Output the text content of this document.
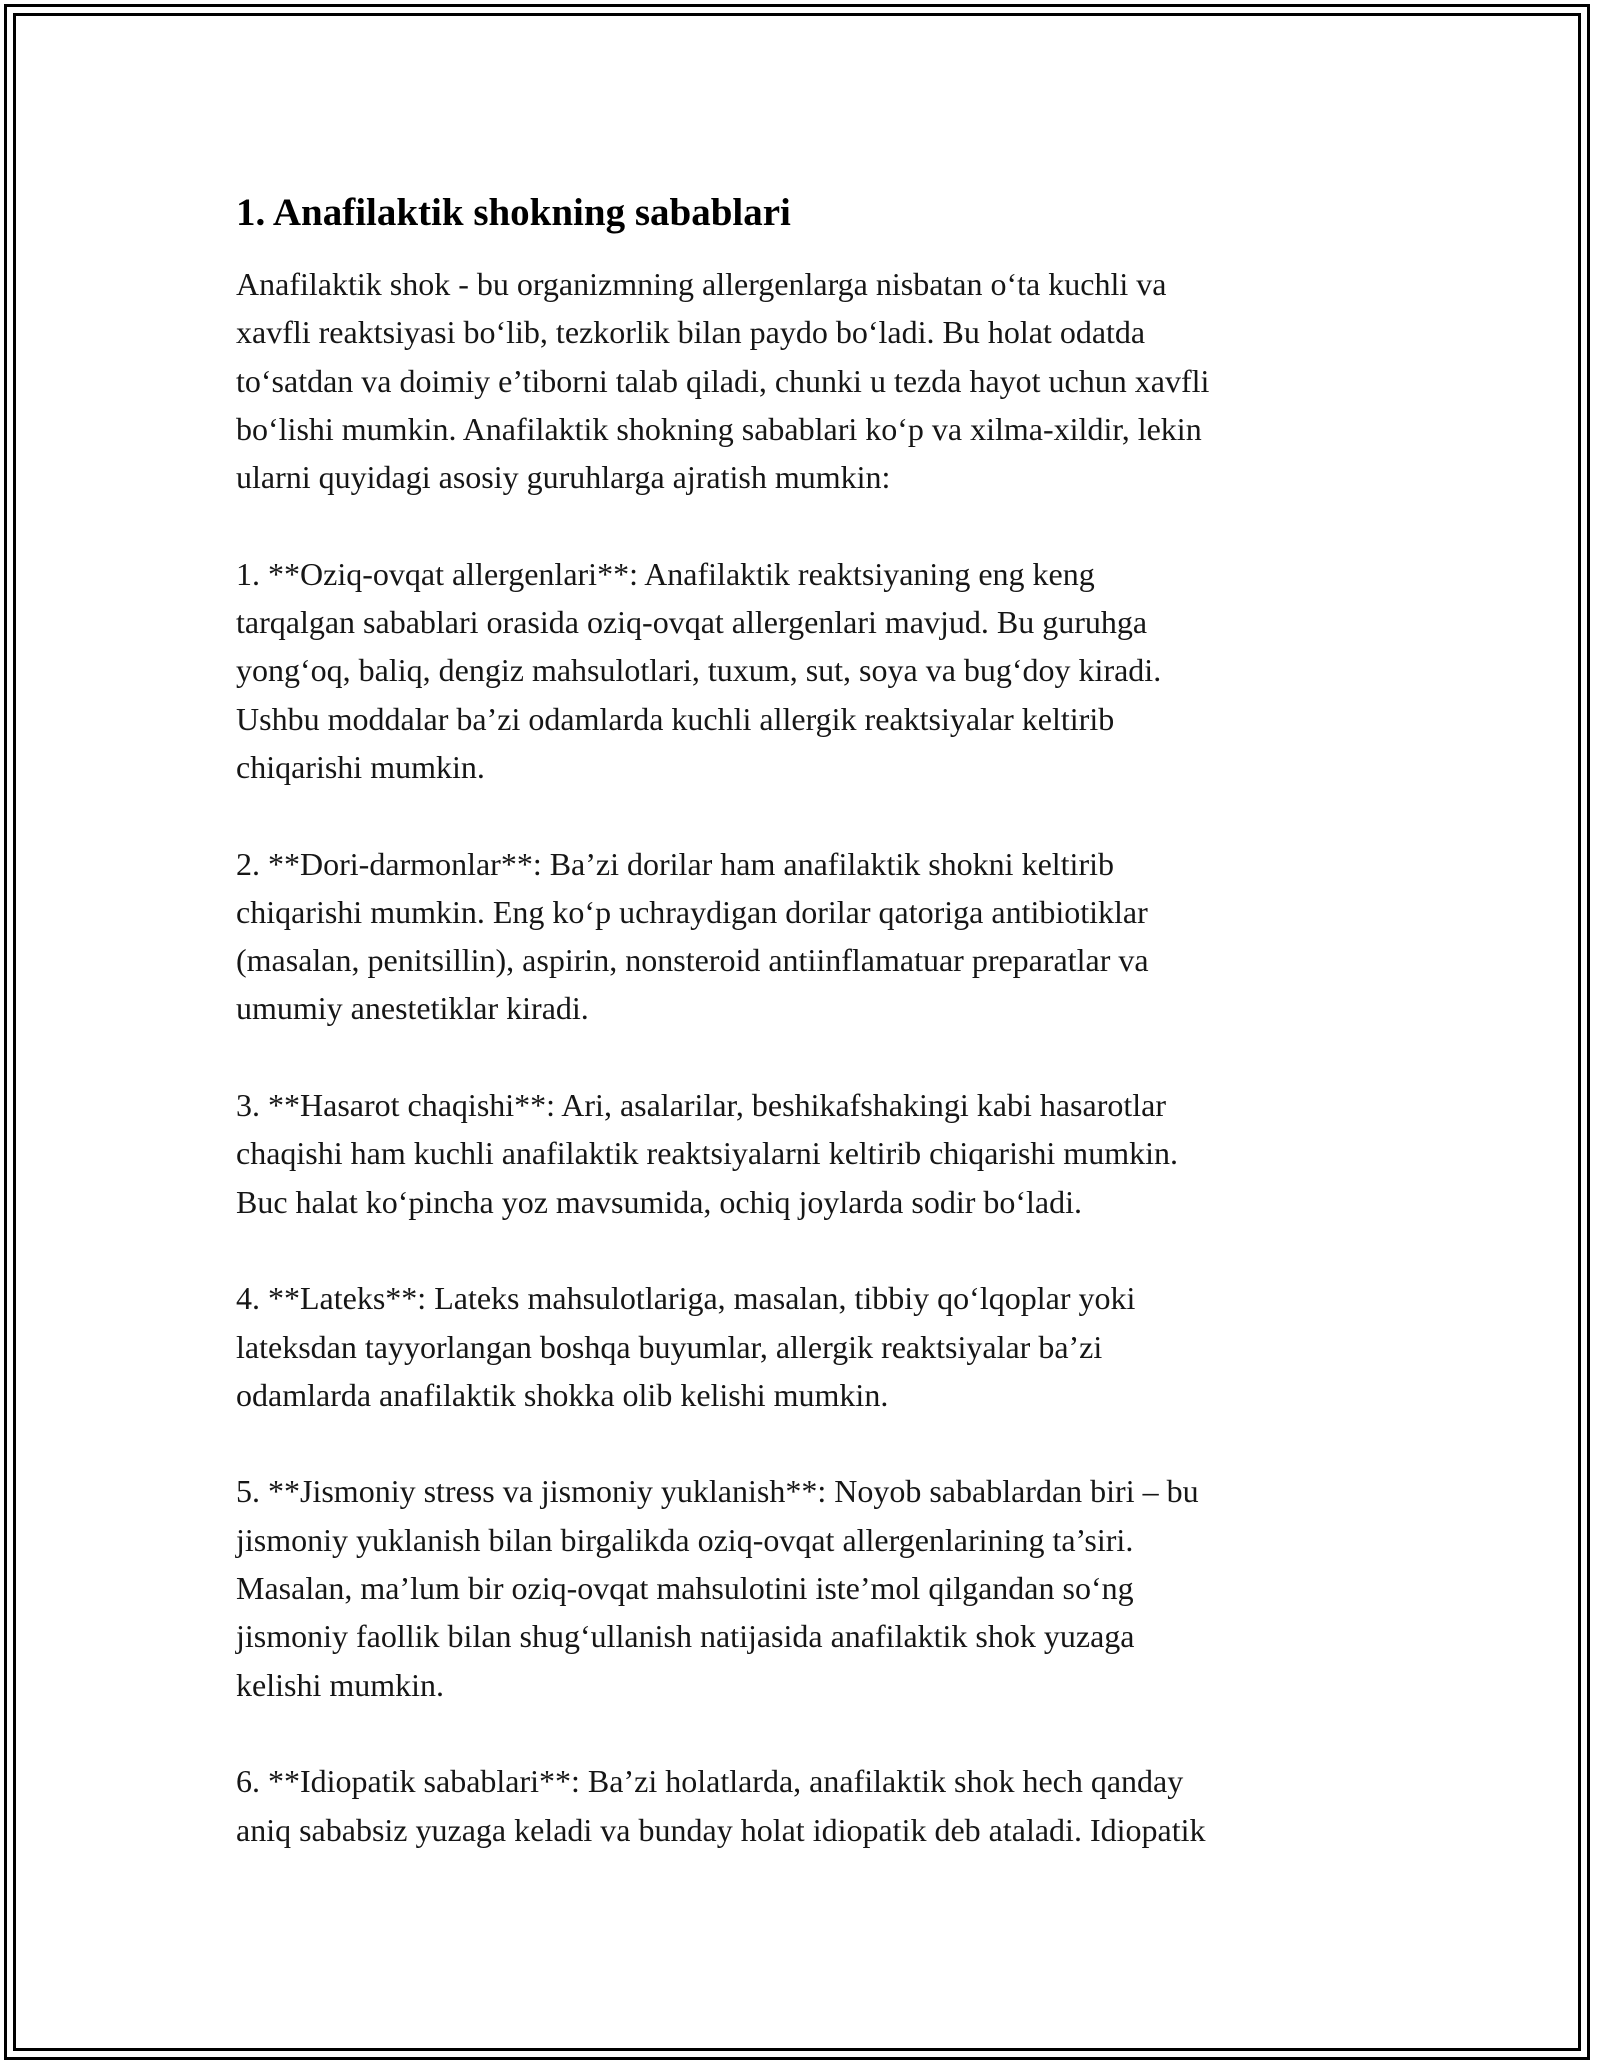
1. Anafilaktik shokning sabablari

Anafilaktik shok - bu organizmning allergenlarga nisbatan o‘ta kuchli va
xavfli reaktsiyasi bo‘lib, tezkorlik bilan paydo bo‘ladi. Bu holat odatda
to‘satdan va doimiy e’tiborni talab qiladi, chunki u tezda hayot uchun xavfli
bo‘lishi mumkin. Anafilaktik shokning sabablari ko‘p va xilma-xildir, lekin
ularni quyidagi asosiy guruhlarga ajratish mumkin:

1. **Oziq-ovqat allergenlari**: Anafilaktik reaktsiyaning eng keng
tarqalgan sabablari orasida oziq-ovqat allergenlari mavjud. Bu guruhga
yong‘oq, baliq, dengiz mahsulotlari, tuxum, sut, soya va bug‘doy kiradi.
Ushbu moddalar ba’zi odamlarda kuchli allergik reaktsiyalar keltirib
chiqarishi mumkin.

2. **Dori-darmonlar**: Ba’zi dorilar ham anafilaktik shokni keltirib
chiqarishi mumkin. Eng ko‘p uchraydigan dorilar qatoriga antibiotiklar
(masalan, penitsillin), aspirin, nonsteroid antiinflamatuar preparatlar va
umumiy anestetiklar kiradi.

3. **Hasarot chaqishi**: Ari, asalarilar, beshikafshakingi kabi hasarotlar
chaqishi ham kuchli anafilaktik reaktsiyalarni keltirib chiqarishi mumkin.
Buc halat ko‘pincha yoz mavsumida, ochiq joylarda sodir bo‘ladi.

4. **Lateks**: Lateks mahsulotlariga, masalan, tibbiy qo‘lqoplar yoki
lateksdan tayyorlangan boshqa buyumlar, allergik reaktsiyalar ba’zi
odamlarda anafilaktik shokka olib kelishi mumkin.

5. **Jismoniy stress va jismoniy yuklanish**: Noyob sabablardan biri – bu
jismoniy yuklanish bilan birgalikda oziq-ovqat allergenlarining ta’siri.
Masalan, ma’lum bir oziq-ovqat mahsulotini iste’mol qilgandan so‘ng
jismoniy faollik bilan shug‘ullanish natijasida anafilaktik shok yuzaga
kelishi mumkin.

6. **Idiopatik sabablari**: Ba’zi holatlarda, anafilaktik shok hech qanday
aniq sababsiz yuzaga keladi va bunday holat idiopatik deb ataladi. Idiopatik
